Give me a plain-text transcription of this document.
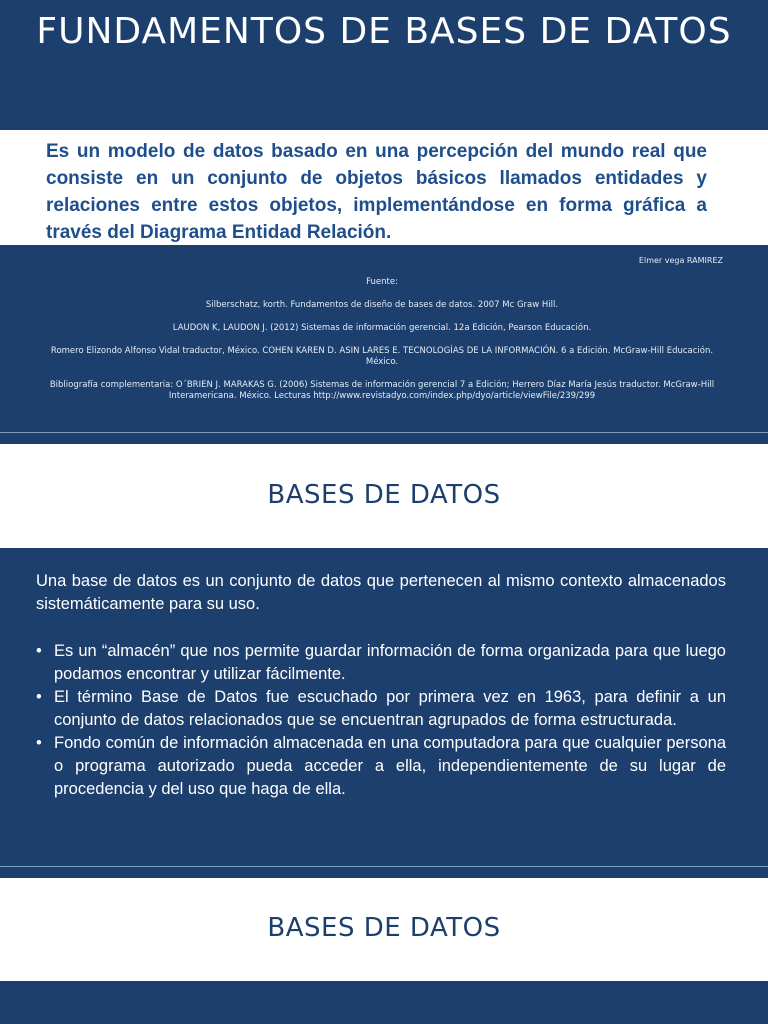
FUNDAMENTOS DE BASES DE DATOS

Es un modelo de datos basado en una percepción del mundo real que consiste en un conjunto de objetos básicos llamados entidades y relaciones entre estos objetos, implementándose en forma gráfica a través del Diagrama Entidad Relación.

Elmer vega RAMIREZ

Fuente:

Silberschatz, korth. Fundamentos de diseño de bases de datos. 2007 Mc Graw Hill.

LAUDON K, LAUDON J. (2012) Sistemas de información gerencial. 12a Edición, Pearson Educación.

Romero Elizondo Alfonso Vidal traductor, México. COHEN KAREN D. ASIN LARES E. TECNOLOGÍAS DE LA INFORMACIÓN. 6 a Edición. McGraw-Hill Educación. México.

Bibliografía complementaria: O´BRIEN J. MARAKAS G. (2006) Sistemas de información gerencial 7 a Edición; Herrero Díaz María Jesús traductor. McGraw-Hill Interamericana. México. Lecturas http://www.revistadyo.com/index.php/dyo/article/viewFile/239/299

BASES DE DATOS

Una base de datos es un conjunto de datos que pertenecen al mismo contexto almacenados sistemáticamente para su uso.

• Es un “almacén” que nos permite guardar información de forma organizada para que luego podamos encontrar y utilizar fácilmente.
• El término Base de Datos fue escuchado por primera vez en 1963, para definir a un conjunto de datos relacionados que se encuentran agrupados de forma estructurada.
• Fondo común de información almacenada en una computadora para que cualquier persona o programa autorizado pueda acceder a ella, independientemente de su lugar de procedencia y del uso que haga de ella.
BASES DE DATOS
